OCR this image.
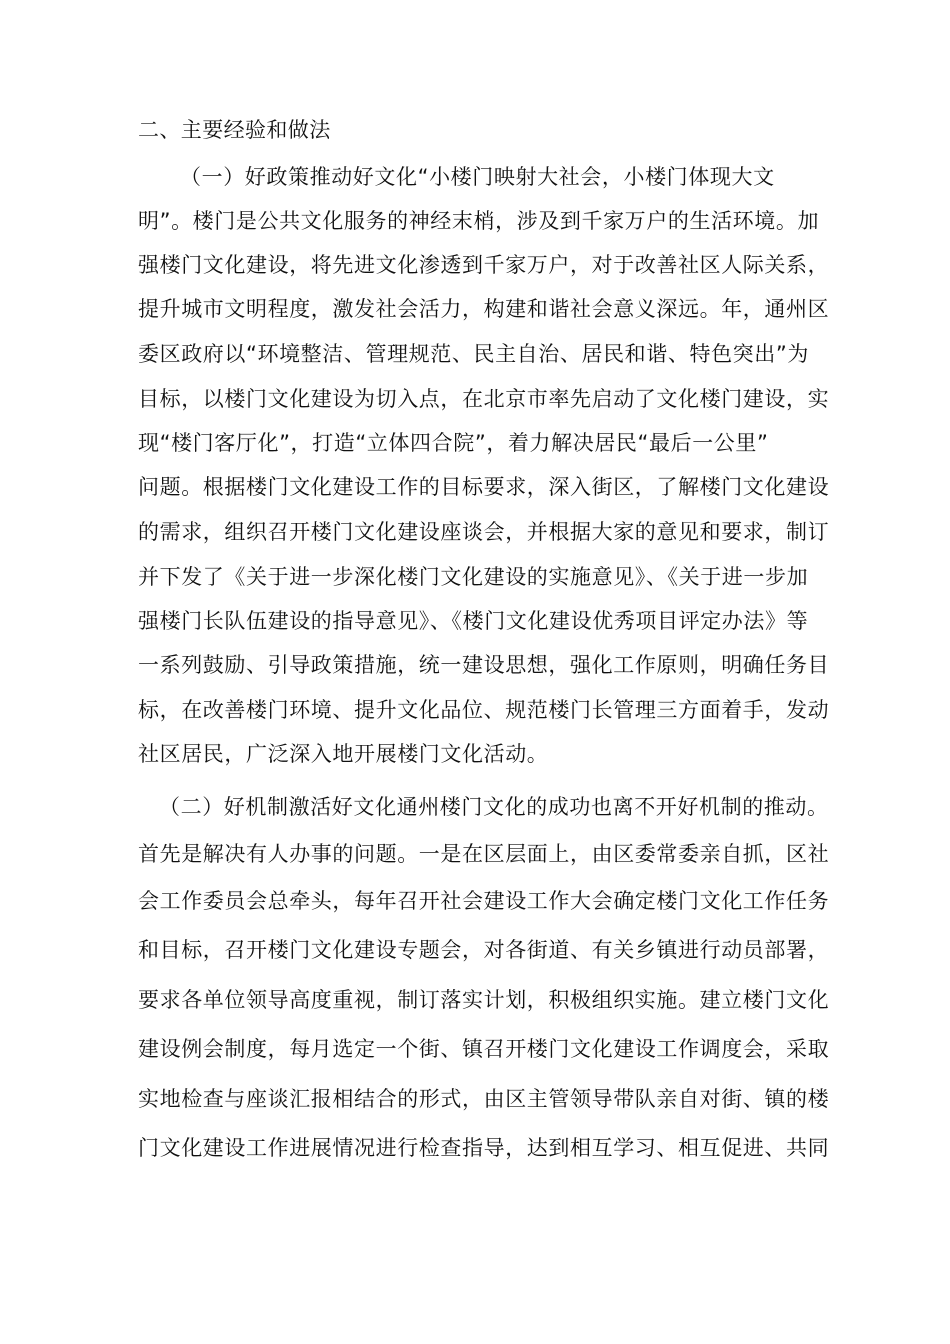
二、主要经验和做法
（一）好政策推动好文化“小楼门映射大社会，小楼门体现大文
明”。楼门是公共文化服务的神经末梢，涉及到千家万户的生活环境。加
强楼门文化建设，将先进文化渗透到千家万户，对于改善社区人际关系，
提升城市文明程度，激发社会活力，构建和谐社会意义深远。年，通州区
委区政府以“环境整洁、管理规范、民主自治、居民和谐、特色突出”为
目标，以楼门文化建设为切入点，在北京市率先启动了文化楼门建设，实
现“楼门客厅化”，打造“立体四合院”，着力解决居民“最后一公里”
问题。根据楼门文化建设工作的目标要求，深入街区，了解楼门文化建设
的需求，组织召开楼门文化建设座谈会，并根据大家的意见和要求，制订
并下发了《关于进一步深化楼门文化建设的实施意见》、《关于进一步加
强楼门长队伍建设的指导意见》、《楼门文化建设优秀项目评定办法》等
一系列鼓励、引导政策措施，统一建设思想，强化工作原则，明确任务目
标，在改善楼门环境、提升文化品位、规范楼门长管理三方面着手，发动
社区居民，广泛深入地开展楼门文化活动。
（二）好机制激活好文化通州楼门文化的成功也离不开好机制的推动。
首先是解决有人办事的问题。一是在区层面上，由区委常委亲自抓，区社
会工作委员会总牵头，每年召开社会建设工作大会确定楼门文化工作任务
和目标，召开楼门文化建设专题会，对各街道、有关乡镇进行动员部署，
要求各单位领导高度重视，制订落实计划，积极组织实施。建立楼门文化
建设例会制度，每月选定一个街、镇召开楼门文化建设工作调度会，采取
实地检查与座谈汇报相结合的形式，由区主管领导带队亲自对街、镇的楼
门文化建设工作进展情况进行检查指导，达到相互学习、相互促进、共同
